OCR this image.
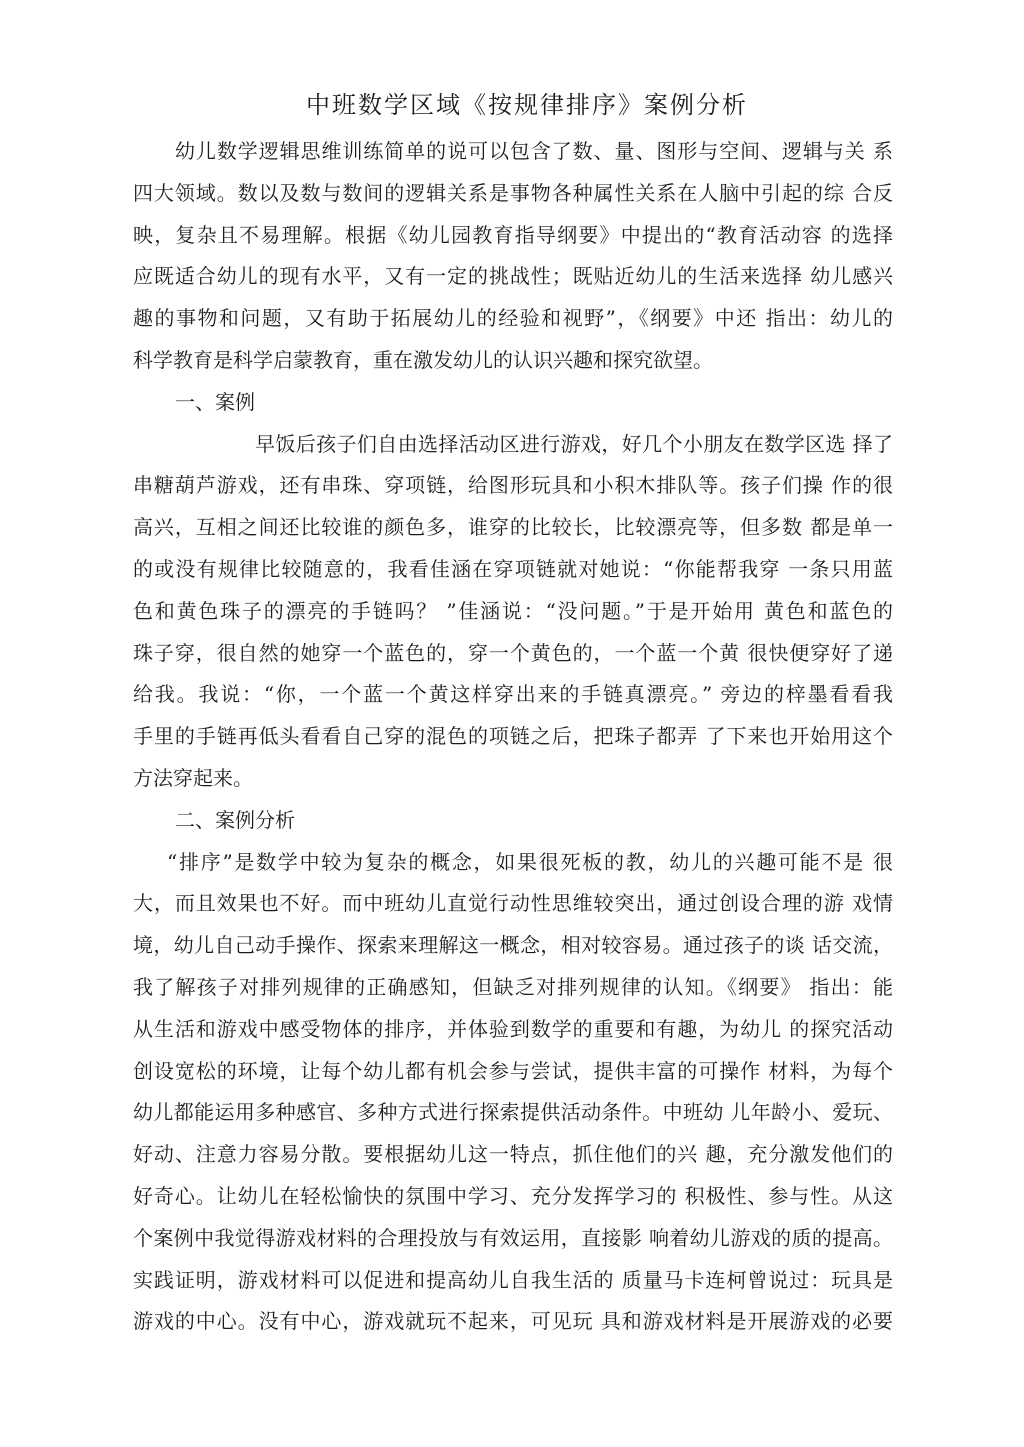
中班数学区域《按规律排序》案例分析
幼儿数学逻辑思维训练简单的说可以包含了数、量、图形与空间、逻辑与关 系
四大领域。数以及数与数间的逻辑关系是事物各种属性关系在人脑中引起的综 合反
映，复杂且不易理解。根据《幼儿园教育指导纲要》中提出的“教育活动容 的选择
应既适合幼儿的现有水平，又有一定的挑战性；既贴近幼儿的生活来选择 幼儿感兴
趣的事物和问题，又有助于拓展幼儿的经验和视野”，《纲要》中还 指出：幼儿的
科学教育是科学启蒙教育，重在激发幼儿的认识兴趣和探究欲望。
一、案例
早饭后孩子们自由选择活动区进行游戏，好几个小朋友在数学区选 择了
串糖葫芦游戏，还有串珠、穿项链，给图形玩具和小积木排队等。孩子们操 作的很
高兴，互相之间还比较谁的颜色多，谁穿的比较长，比较漂亮等，但多数 都是单一
的或没有规律比较随意的，我看佳涵在穿项链就对她说：“你能帮我穿 一条只用蓝
色和黄色珠子的漂亮的手链吗？ ”佳涵说：“没问题。”于是开始用 黄色和蓝色的
珠子穿，很自然的她穿一个蓝色的，穿一个黄色的，一个蓝一个黄 很快便穿好了递
给我。我说：“你，一个蓝一个黄这样穿出来的手链真漂亮。” 旁边的梓墨看看我
手里的手链再低头看看自己穿的混色的项链之后，把珠子都弄 了下来也开始用这个
方法穿起来。
二、案例分析
“排序”是数学中较为复杂的概念，如果很死板的教，幼儿的兴趣可能不是 很
大，而且效果也不好。而中班幼儿直觉行动性思维较突出，通过创设合理的游 戏情
境，幼儿自己动手操作、探索来理解这一概念，相对较容易。通过孩子的谈 话交流，
我了解孩子对排列规律的正确感知，但缺乏对排列规律的认知。《纲要》 指出：能
从生活和游戏中感受物体的排序，并体验到数学的重要和有趣，为幼儿 的探究活动
创设宽松的环境，让每个幼儿都有机会参与尝试，提供丰富的可操作 材料，为每个
幼儿都能运用多种感官、多种方式进行探索提供活动条件。中班幼 儿年龄小、爱玩、
好动、注意力容易分散。要根据幼儿这一特点，抓住他们的兴 趣，充分激发他们的
好奇心。让幼儿在轻松愉快的氛围中学习、充分发挥学习的 积极性、参与性。从这
个案例中我觉得游戏材料的合理投放与有效运用，直接影 响着幼儿游戏的质的提高。
实践证明，游戏材料可以促进和提高幼儿自我生活的 质量马卡连柯曾说过：玩具是
游戏的中心。没有中心，游戏就玩不起来，可见玩 具和游戏材料是开展游戏的必要
